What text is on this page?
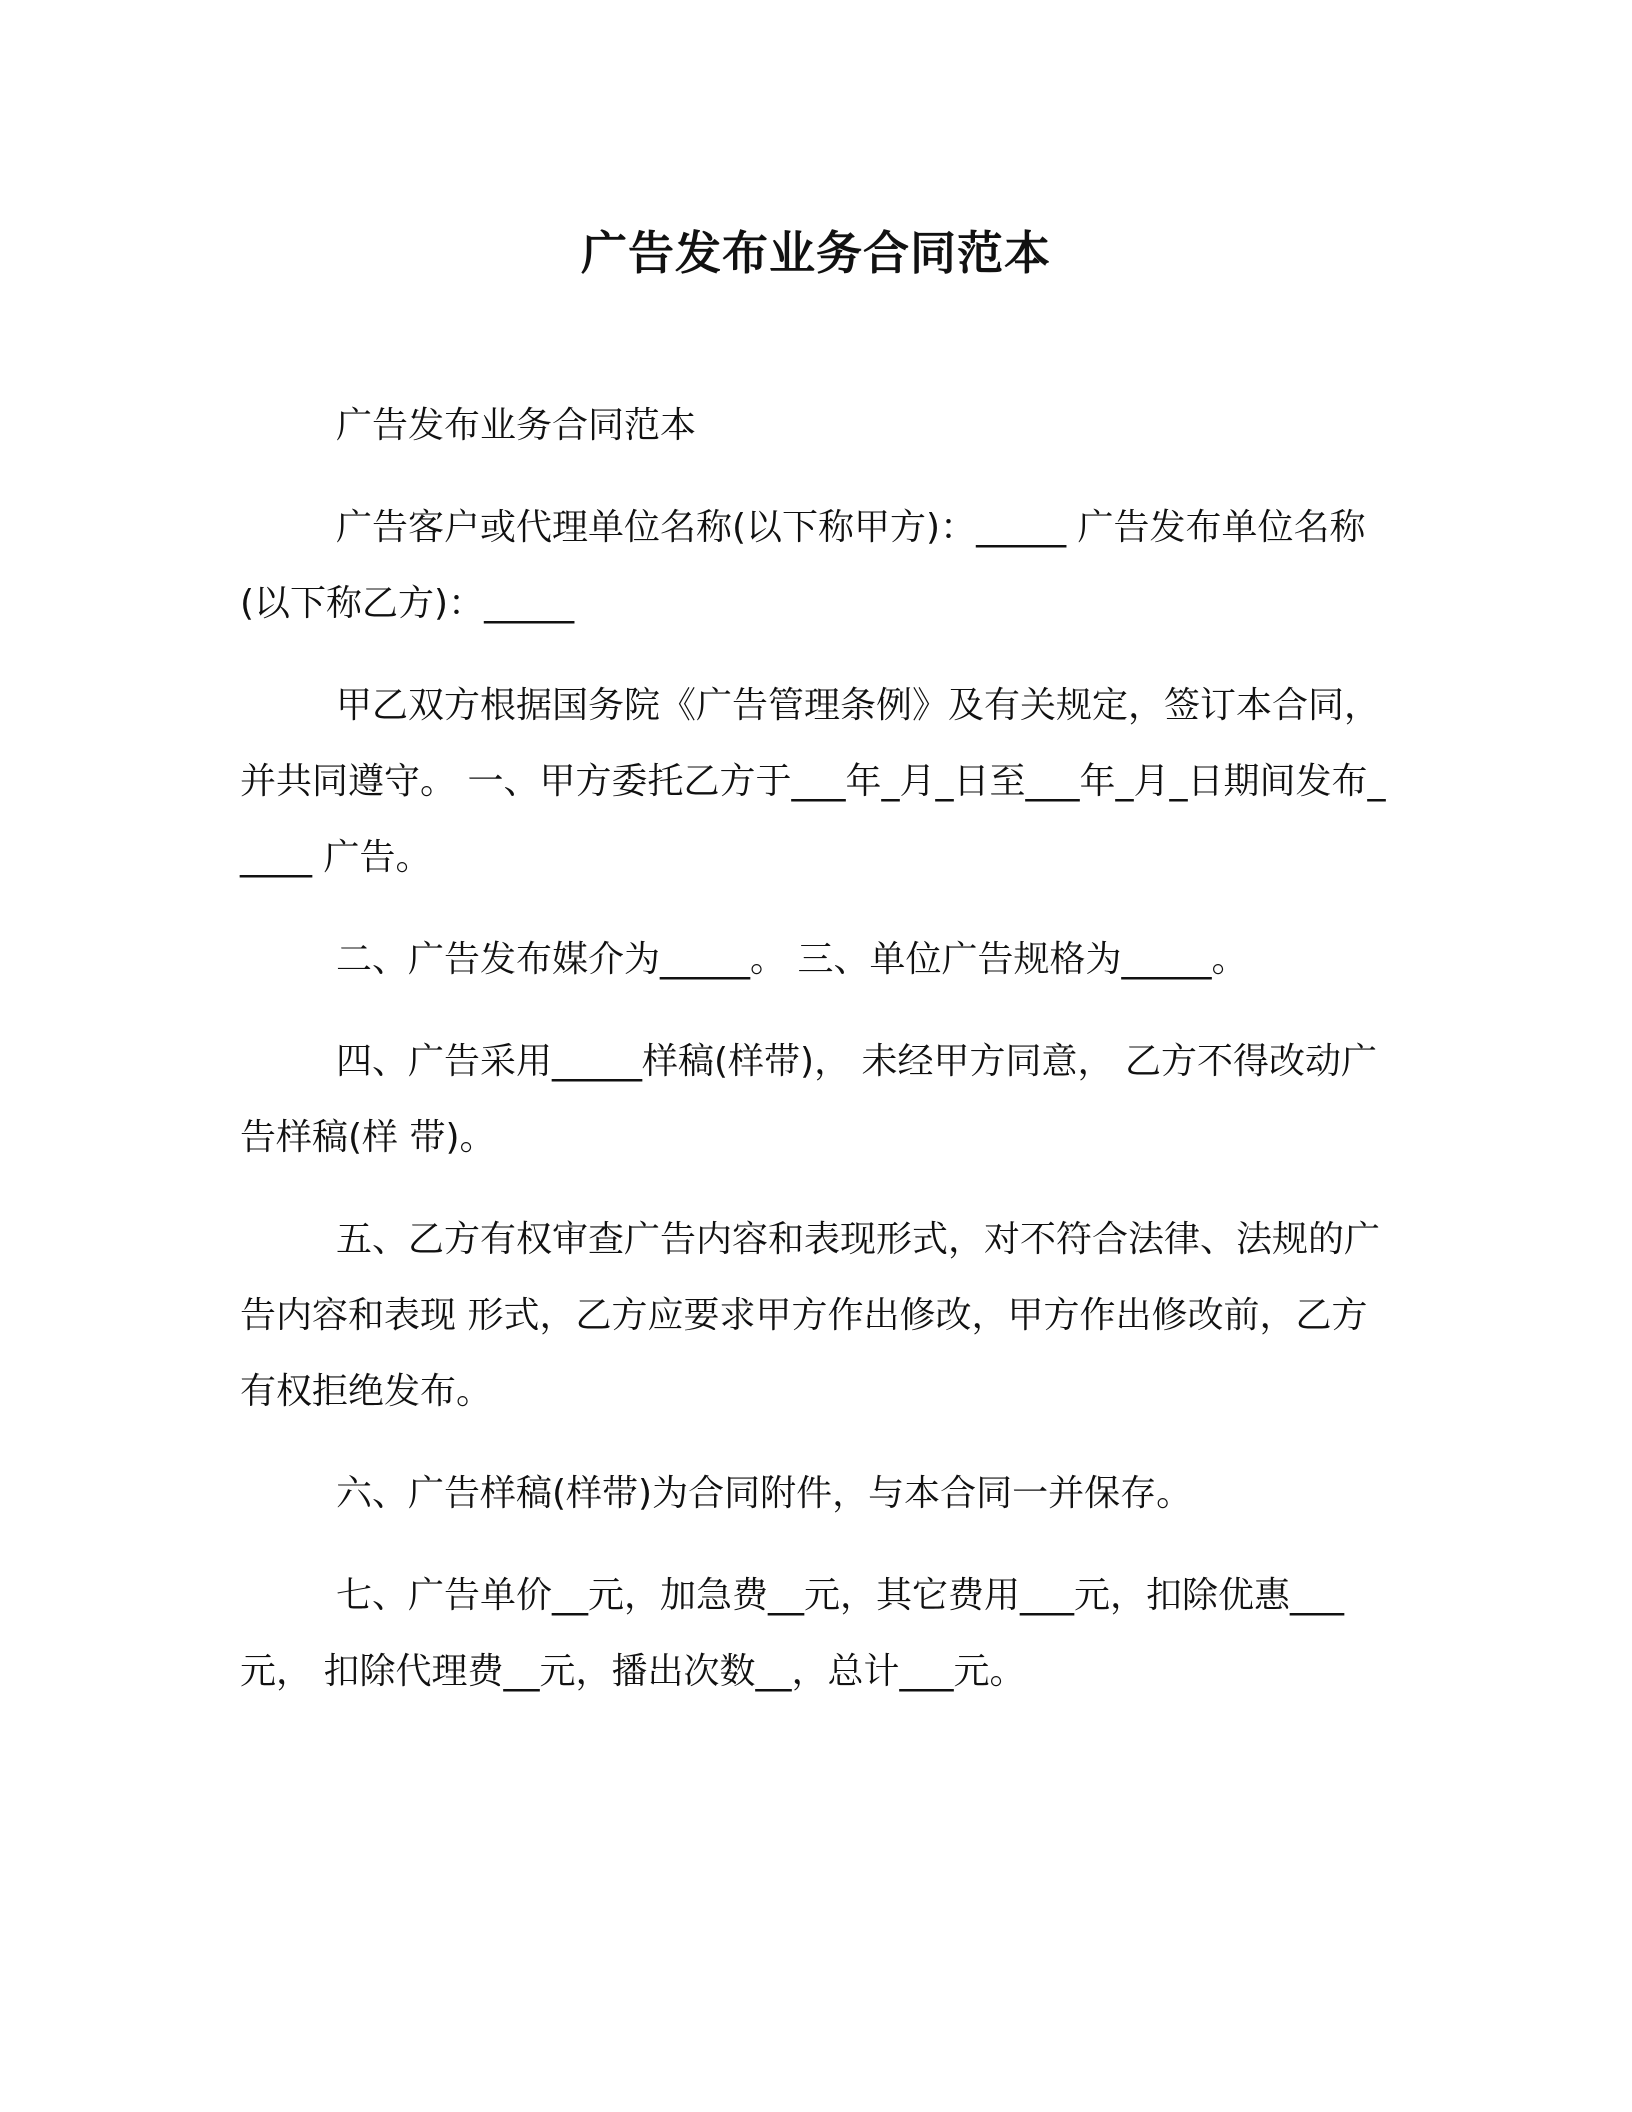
广告发布业务合同范本

广告发布业务合同范本

广告客户或代理单位名称(以下称甲方)：_____ 广告发布单位名称(以下称乙方)：_____

甲乙双方根据国务院《广告管理条例》及有关规定，签订本合同，并共同遵守。 一、甲方委托乙方于___年_月_日至___年_月_日期间发布_____ 广告。

二、广告发布媒介为_____。 三、单位广告规格为_____。

四、广告采用_____样稿(样带)， 未经甲方同意， 乙方不得改动广告样稿(样 带)。

五、乙方有权审查广告内容和表现形式，对不符合法律、法规的广告内容和表现 形式，乙方应要求甲方作出修改，甲方作出修改前，乙方有权拒绝发布。

六、广告样稿(样带)为合同附件，与本合同一并保存。

七、广告单价__元，加急费__元，其它费用___元，扣除优惠___元， 扣除代理费__元，播出次数__，总计___元。
